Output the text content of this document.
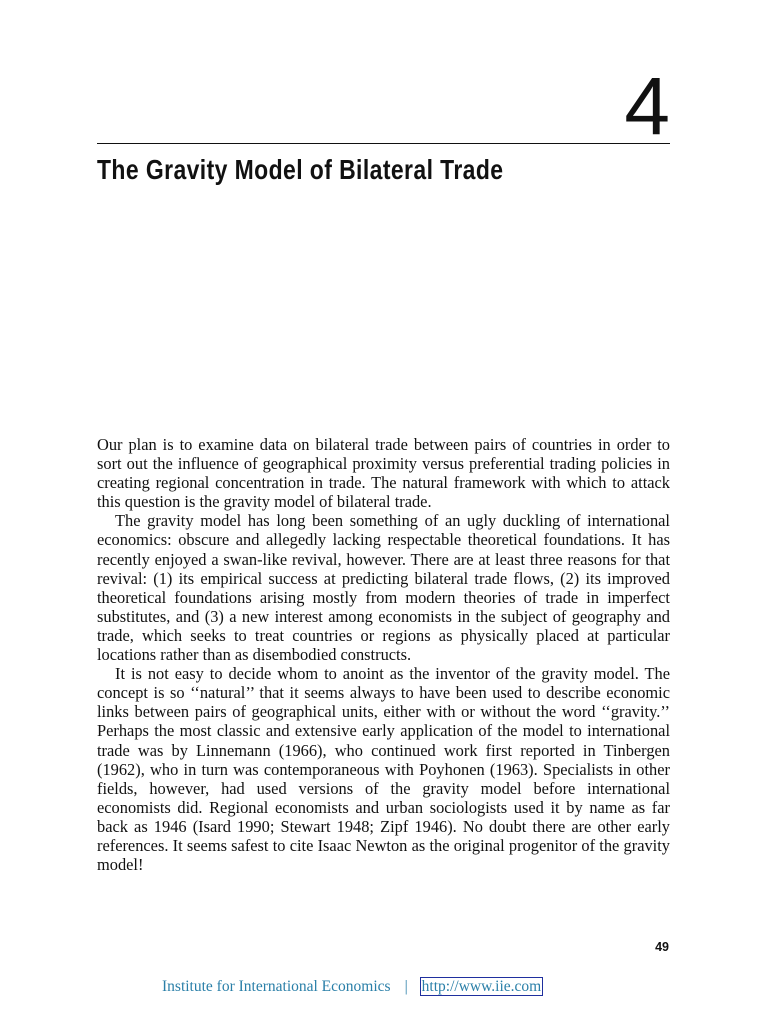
4
The Gravity Model of Bilateral Trade

Our plan is to examine data on bilateral trade between pairs of countries in order to sort out the influence of geographical proximity versus preferential trading policies in creating regional concentration in trade. The natural framework with which to attack this question is the gravity model of bilateral trade.

The gravity model has long been something of an ugly duckling of international economics: obscure and allegedly lacking respectable theoretical foundations. It has recently enjoyed a swan-like revival, however. There are at least three reasons for that revival: (1) its empirical success at predicting bilateral trade flows, (2) its improved theoretical foundations arising mostly from modern theories of trade in imperfect substitutes, and (3) a new interest among economists in the subject of geography and trade, which seeks to treat countries or regions as physically placed at particular locations rather than as disembodied constructs.

It is not easy to decide whom to anoint as the inventor of the gravity model. The concept is so ‘‘natural’’ that it seems always to have been used to describe economic links between pairs of geographical units, either with or without the word ‘‘gravity.’’ Perhaps the most classic and extensive early application of the model to international trade was by Linnemann (1966), who continued work first reported in Tinbergen (1962), who in turn was contemporaneous with Poyhonen (1963). Specialists in other fields, however, had used versions of the gravity model before international economists did. Regional economists and urban sociologists used it by name as far back as 1946 (Isard 1990; Stewart 1948; Zipf 1946). No doubt there are other early references. It seems safest to cite Isaac Newton as the original progenitor of the gravity model!

49
Institute for International Economics | http://www.iie.com
